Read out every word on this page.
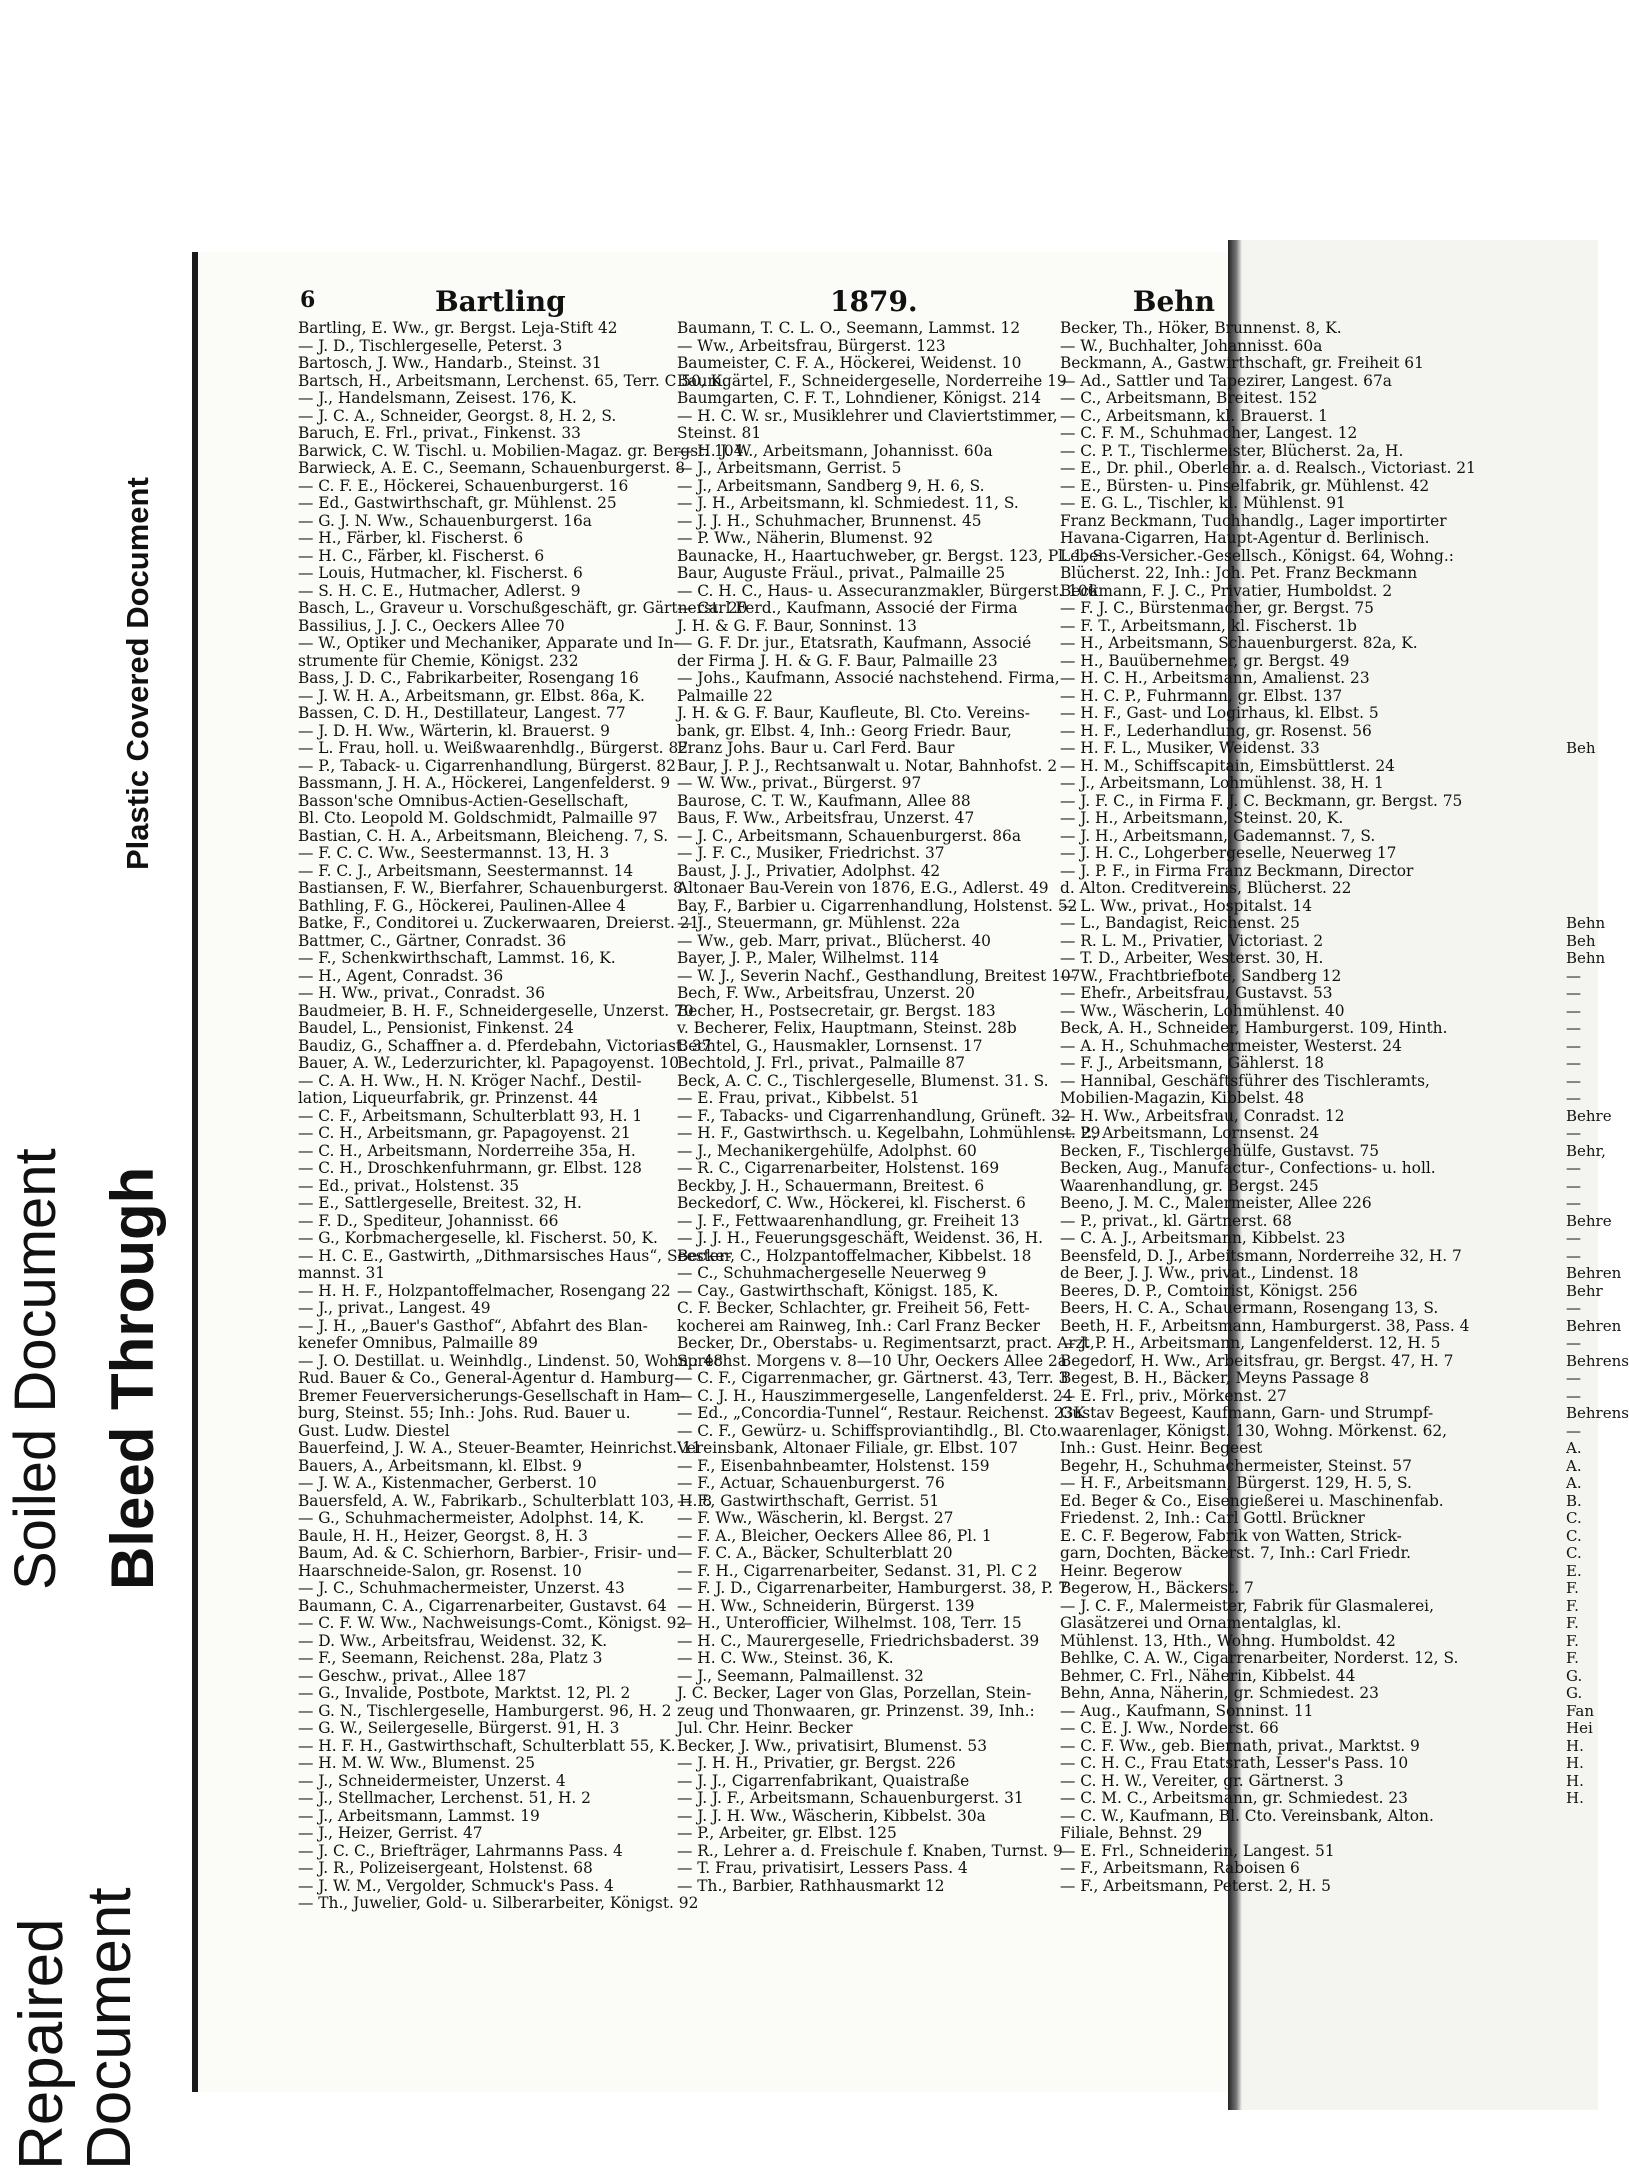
Plastic Covered Document
Soiled Document Bleed Through
Repaired
Document
6	Bartling	1879.	Behn
Bartling, E. Ww., gr. Bergst. Leja-Stift 42
— J. D., Tischlergeselle, Peterst. 3
Bartosch, J. Ww., Handarb., Steinst. 31
Bartsch, H., Arbeitsmann, Lerchenst. 65, Terr. C 50, K.
— J., Handelsmann, Zeisest. 176, K.
— J. C. A., Schneider, Georgst. 8, H. 2, S.
Baruch, E. Frl., privat., Finkenst. 33
Barwick, C. W. Tischl. u. Mobilien-Magaz. gr. Bergst. 104
Barwieck, A. E. C., Seemann, Schauenburgerst. 8
— C. F. E., Höckerei, Schauenburgerst. 16
— Ed., Gastwirthschaft, gr. Mühlenst. 25
— G. J. N. Ww., Schauenburgerst. 16a
— H., Färber, kl. Fischerst. 6
— H. C., Färber, kl. Fischerst. 6
— Louis, Hutmacher, kl. Fischerst. 6
— S. H. C. E., Hutmacher, Adlerst. 9
Basch, L., Graveur u. Vorschußgeschäft, gr. Gärtnerst. 20
Bassilius, J. J. C., Oeckers Allee 70
— W., Optiker und Mechaniker, Apparate und In-
strumente für Chemie, Königst. 232
Bass, J. D. C., Fabrikarbeiter, Rosengang 16
— J. W. H. A., Arbeitsmann, gr. Elbst. 86a, K.
Bassen, C. D. H., Destillateur, Langest. 77
— J. D. H. Ww., Wärterin, kl. Brauerst. 9
— L. Frau, holl. u. Weißwaarenhdlg., Bürgerst. 82
— P., Taback- u. Cigarrenhandlung, Bürgerst. 82
Bassmann, J. H. A., Höckerei, Langenfelderst. 9
Basson'sche Omnibus-Actien-Gesellschaft,
Bl. Cto. Leopold M. Goldschmidt, Palmaille 97
Bastian, C. H. A., Arbeitsmann, Bleicheng. 7, S.
— F. C. C. Ww., Seestermannst. 13, H. 3
— F. C. J., Arbeitsmann, Seestermannst. 14
Bastiansen, F. W., Bierfahrer, Schauenburgerst. 8
Bathling, F. G., Höckerei, Paulinen-Allee 4
Batke, F., Conditorei u. Zuckerwaaren, Dreierst. 21
Battmer, C., Gärtner, Conradst. 36
— F., Schenkwirthschaft, Lammst. 16, K.
— H., Agent, Conradst. 36
— H. Ww., privat., Conradst. 36
Baudmeier, B. H. F., Schneidergeselle, Unzerst. 70
Baudel, L., Pensionist, Finkenst. 24
Baudiz, G., Schaffner a. d. Pferdebahn, Victoriast. 37
Bauer, A. W., Lederzurichter, kl. Papagoyenst. 10
— C. A. H. Ww., H. N. Kröger Nachf., Destil-
lation, Liqueurfabrik, gr. Prinzenst. 44
— C. F., Arbeitsmann, Schulterblatt 93, H. 1
— C. H., Arbeitsmann, gr. Papagoyenst. 21
— C. H., Arbeitsmann, Norderreihe 35a, H.
— C. H., Droschkenfuhrmann, gr. Elbst. 128
— Ed., privat., Holstenst. 35
— E., Sattlergeselle, Breitest. 32, H.
— F. D., Spediteur, Johannisst. 66
— G., Korbmachergeselle, kl. Fischerst. 50, K.
— H. C. E., Gastwirth, „Dithmarsisches Haus“, Seester-
mannst. 31
— H. H. F., Holzpantoffelmacher, Rosengang 22
— J., privat., Langest. 49
— J. H., „Bauer's Gasthof“, Abfahrt des Blan-
kenefer Omnibus, Palmaille 89
— J. O. Destillat. u. Weinhdlg., Lindenst. 50, Wohn.: 48
Rud. Bauer & Co., General-Agentur d. Hamburg-
Bremer Feuerversicherungs-Gesellschaft in Ham-
burg, Steinst. 55; Inh.: Johs. Rud. Bauer u.
Gust. Ludw. Diestel
Bauerfeind, J. W. A., Steuer-Beamter, Heinrichst. 11
Bauers, A., Arbeitsmann, kl. Elbst. 9
— J. W. A., Kistenmacher, Gerberst. 10
Bauersfeld, A. W., Fabrikarb., Schulterblatt 103, H. 8
— G., Schuhmachermeister, Adolphst. 14, K.
Baule, H. H., Heizer, Georgst. 8, H. 3
Baum, Ad. & C. Schierhorn, Barbier-, Frisir- und
Haarschneide-Salon, gr. Rosenst. 10
— J. C., Schuhmachermeister, Unzerst. 43
Baumann, C. A., Cigarrenarbeiter, Gustavst. 64
— C. F. W. Ww., Nachweisungs-Comt., Königst. 92
— D. Ww., Arbeitsfrau, Weidenst. 32, K.
— F., Seemann, Reichenst. 28a, Platz 3
— Geschw., privat., Allee 187
— G., Invalide, Postbote, Marktst. 12, Pl. 2
— G. N., Tischlergeselle, Hamburgerst. 96, H. 2
— G. W., Seilergeselle, Bürgerst. 91, H. 3
— H. F. H., Gastwirthschaft, Schulterblatt 55, K.
— H. M. W. Ww., Blumenst. 25
— J., Schneidermeister, Unzerst. 4
— J., Stellmacher, Lerchenst. 51, H. 2
— J., Arbeitsmann, Lammst. 19
— J., Heizer, Gerrist. 47
— J. C. C., Briefträger, Lahrmanns Pass. 4
— J. R., Polizeisergeant, Holstenst. 68
— J. W. M., Vergolder, Schmuck's Pass. 4
— Th., Juwelier, Gold- u. Silberarbeiter, Königst. 92
Baumann, T. C. L. O., Seemann, Lammst. 12
— Ww., Arbeitsfrau, Bürgerst. 123
Baumeister, C. F. A., Höckerei, Weidenst. 10
Baumgärtel, F., Schneidergeselle, Norderreihe 19
Baumgarten, C. F. T., Lohndiener, Königst. 214
— H. C. W. sr., Musiklehrer und Claviertstimmer,
Steinst. 81
— H. J. W., Arbeitsmann, Johannisst. 60a
— J., Arbeitsmann, Gerrist. 5
— J., Arbeitsmann, Sandberg 9, H. 6, S.
— J. H., Arbeitsmann, kl. Schmiedest. 11, S.
— J. J. H., Schuhmacher, Brunnenst. 45
— P. Ww., Näherin, Blumenst. 92
Baunacke, H., Haartuchweber, gr. Bergst. 123, Pl. 1, S.
Baur, Auguste Fräul., privat., Palmaille 25
— C. H. C., Haus- u. Assecuranzmakler, Bürgerst. 106
— Carl Ferd., Kaufmann, Associé der Firma
J. H. & G. F. Baur, Sonninst. 13
— G. F. Dr. jur., Etatsrath, Kaufmann, Associé
der Firma J. H. & G. F. Baur, Palmaille 23
— Johs., Kaufmann, Associé nachstehend. Firma,
Palmaille 22
J. H. & G. F. Baur, Kaufleute, Bl. Cto. Vereins-
bank, gr. Elbst. 4, Inh.: Georg Friedr. Baur,
Franz Johs. Baur u. Carl Ferd. Baur
Baur, J. P. J., Rechtsanwalt u. Notar, Bahnhofst. 2
— W. Ww., privat., Bürgerst. 97
Baurose, C. T. W., Kaufmann, Allee 88
Baus, F. Ww., Arbeitsfrau, Unzerst. 47
— J. C., Arbeitsmann, Schauenburgerst. 86a
— J. F. C., Musiker, Friedrichst. 37
Baust, J. J., Privatier, Adolphst. 42
Altonaer Bau-Verein von 1876, E.G., Adlerst. 49
Bay, F., Barbier u. Cigarrenhandlung, Holstenst. 52
— J., Steuermann, gr. Mühlenst. 22a
— Ww., geb. Marr, privat., Blücherst. 40
Bayer, J. P., Maler, Wilhelmst. 114
— W. J., Severin Nachf., Gesthandlung, Breitest 107
Bech, F. Ww., Arbeitsfrau, Unzerst. 20
Becher, H., Postsecretair, gr. Bergst. 183
v. Becherer, Felix, Hauptmann, Steinst. 28b
Bechtel, G., Hausmakler, Lornsenst. 17
Bechtold, J. Frl., privat., Palmaille 87
Beck, A. C. C., Tischlergeselle, Blumenst. 31. S.
— E. Frau, privat., Kibbelst. 51
— F., Tabacks- und Cigarrenhandlung, Grüneft. 32
— H. F., Gastwirthsch. u. Kegelbahn, Lohmühlenst. 29
— J., Mechanikergehülfe, Adolphst. 60
— R. C., Cigarrenarbeiter, Holstenst. 169
Beckby, J. H., Schauermann, Breitest. 6
Beckedorf, C. Ww., Höckerei, kl. Fischerst. 6
— J. F., Fettwaarenhandlung, gr. Freiheit 13
— J. J. H., Feuerungsgeschäft, Weidenst. 36, H.
Becker, C., Holzpantoffelmacher, Kibbelst. 18
— C., Schuhmachergeselle Neuerweg 9
— Cay., Gastwirthschaft, Königst. 185, K.
C. F. Becker, Schlachter, gr. Freiheit 56, Fett-
kocherei am Rainweg, Inh.: Carl Franz Becker
Becker, Dr., Oberstabs- u. Regimentsarzt, pract. Arzt,
Sprechst. Morgens v. 8—10 Uhr, Oeckers Allee 2a
— C. F., Cigarrenmacher, gr. Gärtnerst. 43, Terr. 3
— C. J. H., Hauszimmergeselle, Langenfelderst. 24
— Ed., „Concordia-Tunnel“, Restaur. Reichenst. 23K
— C. F., Gewürz- u. Schiffsproviantihdlg., Bl. Cto.
Vereinsbank, Altonaer Filiale, gr. Elbst. 107
— F., Eisenbahnbeamter, Holstenst. 159
— F., Actuar, Schauenburgerst. 76
— F., Gastwirthschaft, Gerrist. 51
— F. Ww., Wäscherin, kl. Bergst. 27
— F. A., Bleicher, Oeckers Allee 86, Pl. 1
— F. C. A., Bäcker, Schulterblatt 20
— F. H., Cigarrenarbeiter, Sedanst. 31, Pl. C 2
— F. J. D., Cigarrenarbeiter, Hamburgerst. 38, P. 7
— H. Ww., Schneiderin, Bürgerst. 139
— H., Unterofficier, Wilhelmst. 108, Terr. 15
— H. C., Maurergeselle, Friedrichsbaderst. 39
— H. C. Ww., Steinst. 36, K.
— J., Seemann, Palmaillenst. 32
J. C. Becker, Lager von Glas, Porzellan, Stein-
zeug und Thonwaaren, gr. Prinzenst. 39, Inh.:
Jul. Chr. Heinr. Becker
Becker, J. Ww., privatisirt, Blumenst. 53
— J. H. H., Privatier, gr. Bergst. 226
— J. J., Cigarrenfabrikant, Quaistraße
— J. J. F., Arbeitsmann, Schauenburgerst. 31
— J. J. H. Ww., Wäscherin, Kibbelst. 30a
— P., Arbeiter, gr. Elbst. 125
— R., Lehrer a. d. Freischule f. Knaben, Turnst. 9
— T. Frau, privatisirt, Lessers Pass. 4
— Th., Barbier, Rathhausmarkt 12
Becker, Th., Höker, Brunnenst. 8, K.
— W., Buchhalter, Johannisst. 60a
Beckmann, A., Gastwirthschaft, gr. Freiheit 61
— Ad., Sattler und Tapezirer, Langest. 67a
— C., Arbeitsmann, Breitest. 152
— C., Arbeitsmann, kl. Brauerst. 1
— C. F. M., Schuhmacher, Langest. 12
— C. P. T., Tischlermeister, Blücherst. 2a, H.
— E., Dr. phil., Oberlehr. a. d. Realsch., Victoriast. 21
— E., Bürsten- u. Pinselfabrik, gr. Mühlenst. 42
— E. G. L., Tischler, kl. Mühlenst. 91
Franz Beckmann, Tuchhandlg., Lager importirter
Havana-Cigarren, Haupt-Agentur d. Berlinisch.
Lebens-Versicher.-Gesellsch., Königst. 64, Wohng.:
Blücherst. 22, Inh.: Joh. Pet. Franz Beckmann
Beckmann, F. J. C., Privatier, Humboldst. 2
— F. J. C., Bürstenmacher, gr. Bergst. 75
— F. T., Arbeitsmann, kl. Fischerst. 1b
— H., Arbeitsmann, Schauenburgerst. 82a, K.
— H., Bauübernehmer, gr. Bergst. 49
— H. C. H., Arbeitsmann, Amalienst. 23
— H. C. P., Fuhrmann, gr. Elbst. 137
— H. F., Gast- und Logirhaus, kl. Elbst. 5
— H. F., Lederhandlung, gr. Rosenst. 56
— H. F. L., Musiker, Weidenst. 33
— H. M., Schiffscapitain, Eimsbüttlerst. 24
— J., Arbeitsmann, Lohmühlenst. 38, H. 1
— J. F. C., in Firma F. J. C. Beckmann, gr. Bergst. 75
— J. H., Arbeitsmann, Steinst. 20, K.
— J. H., Arbeitsmann, Gademannst. 7, S.
— J. H. C., Lohgerbergeselle, Neuerweg 17
— J. P. F., in Firma Franz Beckmann, Director
d. Alton. Creditvereins, Blücherst. 22
— L. Ww., privat., Hospitalst. 14
— L., Bandagist, Reichenst. 25
— R. L. M., Privatier, Victoriast. 2
— T. D., Arbeiter, Westerst. 30, H.
— W., Frachtbriefbote, Sandberg 12
— Ehefr., Arbeitsfrau, Gustavst. 53
— Ww., Wäscherin, Lohmühlenst. 40
Beck, A. H., Schneider, Hamburgerst. 109, Hinth.
— A. H., Schuhmachermeister, Westerst. 24
— F. J., Arbeitsmann, Gählerst. 18
— Hannibal, Geschäftsführer des Tischleramts,
Mobilien-Magazin, Kibbelst. 48
— H. Ww., Arbeitsfrau, Conradst. 12
— P., Arbeitsmann, Lornsenst. 24
Becken, F., Tischlergehülfe, Gustavst. 75
Becken, Aug., Manufactur-, Confections- u. holl.
Waarenhandlung, gr. Bergst. 245
Beeno, J. M. C., Malermeister, Allee 226
— P., privat., kl. Gärtnerst. 68
— C. A. J., Arbeitsmann, Kibbelst. 23
Beensfeld, D. J., Arbeitsmann, Norderreihe 32, H. 7
de Beer, J. J. Ww., privat., Lindenst. 18
Beeres, D. P., Comtoirist, Königst. 256
Beers, H. C. A., Schauermann, Rosengang 13, S.
Beeth, H. F., Arbeitsmann, Hamburgerst. 38, Pass. 4
— J. P. H., Arbeitsmann, Langenfelderst. 12, H. 5
Begedorf, H. Ww., Arbeitsfrau, gr. Bergst. 47, H. 7
Begest, B. H., Bäcker, Meyns Passage 8
— E. Frl., priv., Mörkenst. 27
Gustav Begeest, Kaufmann, Garn- und Strumpf-
waarenlager, Königst. 130, Wohng. Mörkenst. 62,
Inh.: Gust. Heinr. Begeest
Begehr, H., Schuhmachermeister, Steinst. 57
— H. F., Arbeitsmann, Bürgerst. 129, H. 5, S.
Ed. Beger & Co., Eisengießerei u. Maschinenfab.
Friedenst. 2, Inh.: Carl Gottl. Brückner
E. C. F. Begerow, Fabrik von Watten, Strick-
garn, Dochten, Bäckerst. 7, Inh.: Carl Friedr.
Heinr. Begerow
Begerow, H., Bäckerst. 7
— J. C. F., Malermeister, Fabrik für Glasmalerei,
Glasätzerei und Ornamentalglas, kl.
Mühlenst. 13, Hth., Wohng. Humboldst. 42
Behlke, C. A. W., Cigarrenarbeiter, Norderst. 12, S.
Behmer, C. Frl., Näherin, Kibbelst. 44
Behn, Anna, Näherin, gr. Schmiedest. 23
— Aug., Kaufmann, Sonninst. 11
— C. E. J. Ww., Norderst. 66
— C. F. Ww., geb. Biernath, privat., Marktst. 9
— C. H. C., Frau Etatsrath, Lesser's Pass. 10
— C. H. W., Vereiter, gr. Gärtnerst. 3
— C. M. C., Arbeitsmann, gr. Schmiedest. 23
— C. W., Kaufmann, Bl. Cto. Vereinsbank, Alton.
Filiale, Behnst. 29
— E. Frl., Schneiderin, Langest. 51
— F., Arbeitsmann, Raboisen 6
— F., Arbeitsmann, Peterst. 2, H. 5
Beh
Behn
Beh
Behn
—
—
—
—
—
—
—
—
Behre
—
Behr,
—
—
—
Behre
—
—
Behren
Behr
—
Behren
—
Behrens
—
—
Behrens
—
A.
A.
A.
B.
C.
C.
C.
E.
F.
F.
F.
F.
F.
G.
G.
Fan
Hei
H.
H.
H.
H.
